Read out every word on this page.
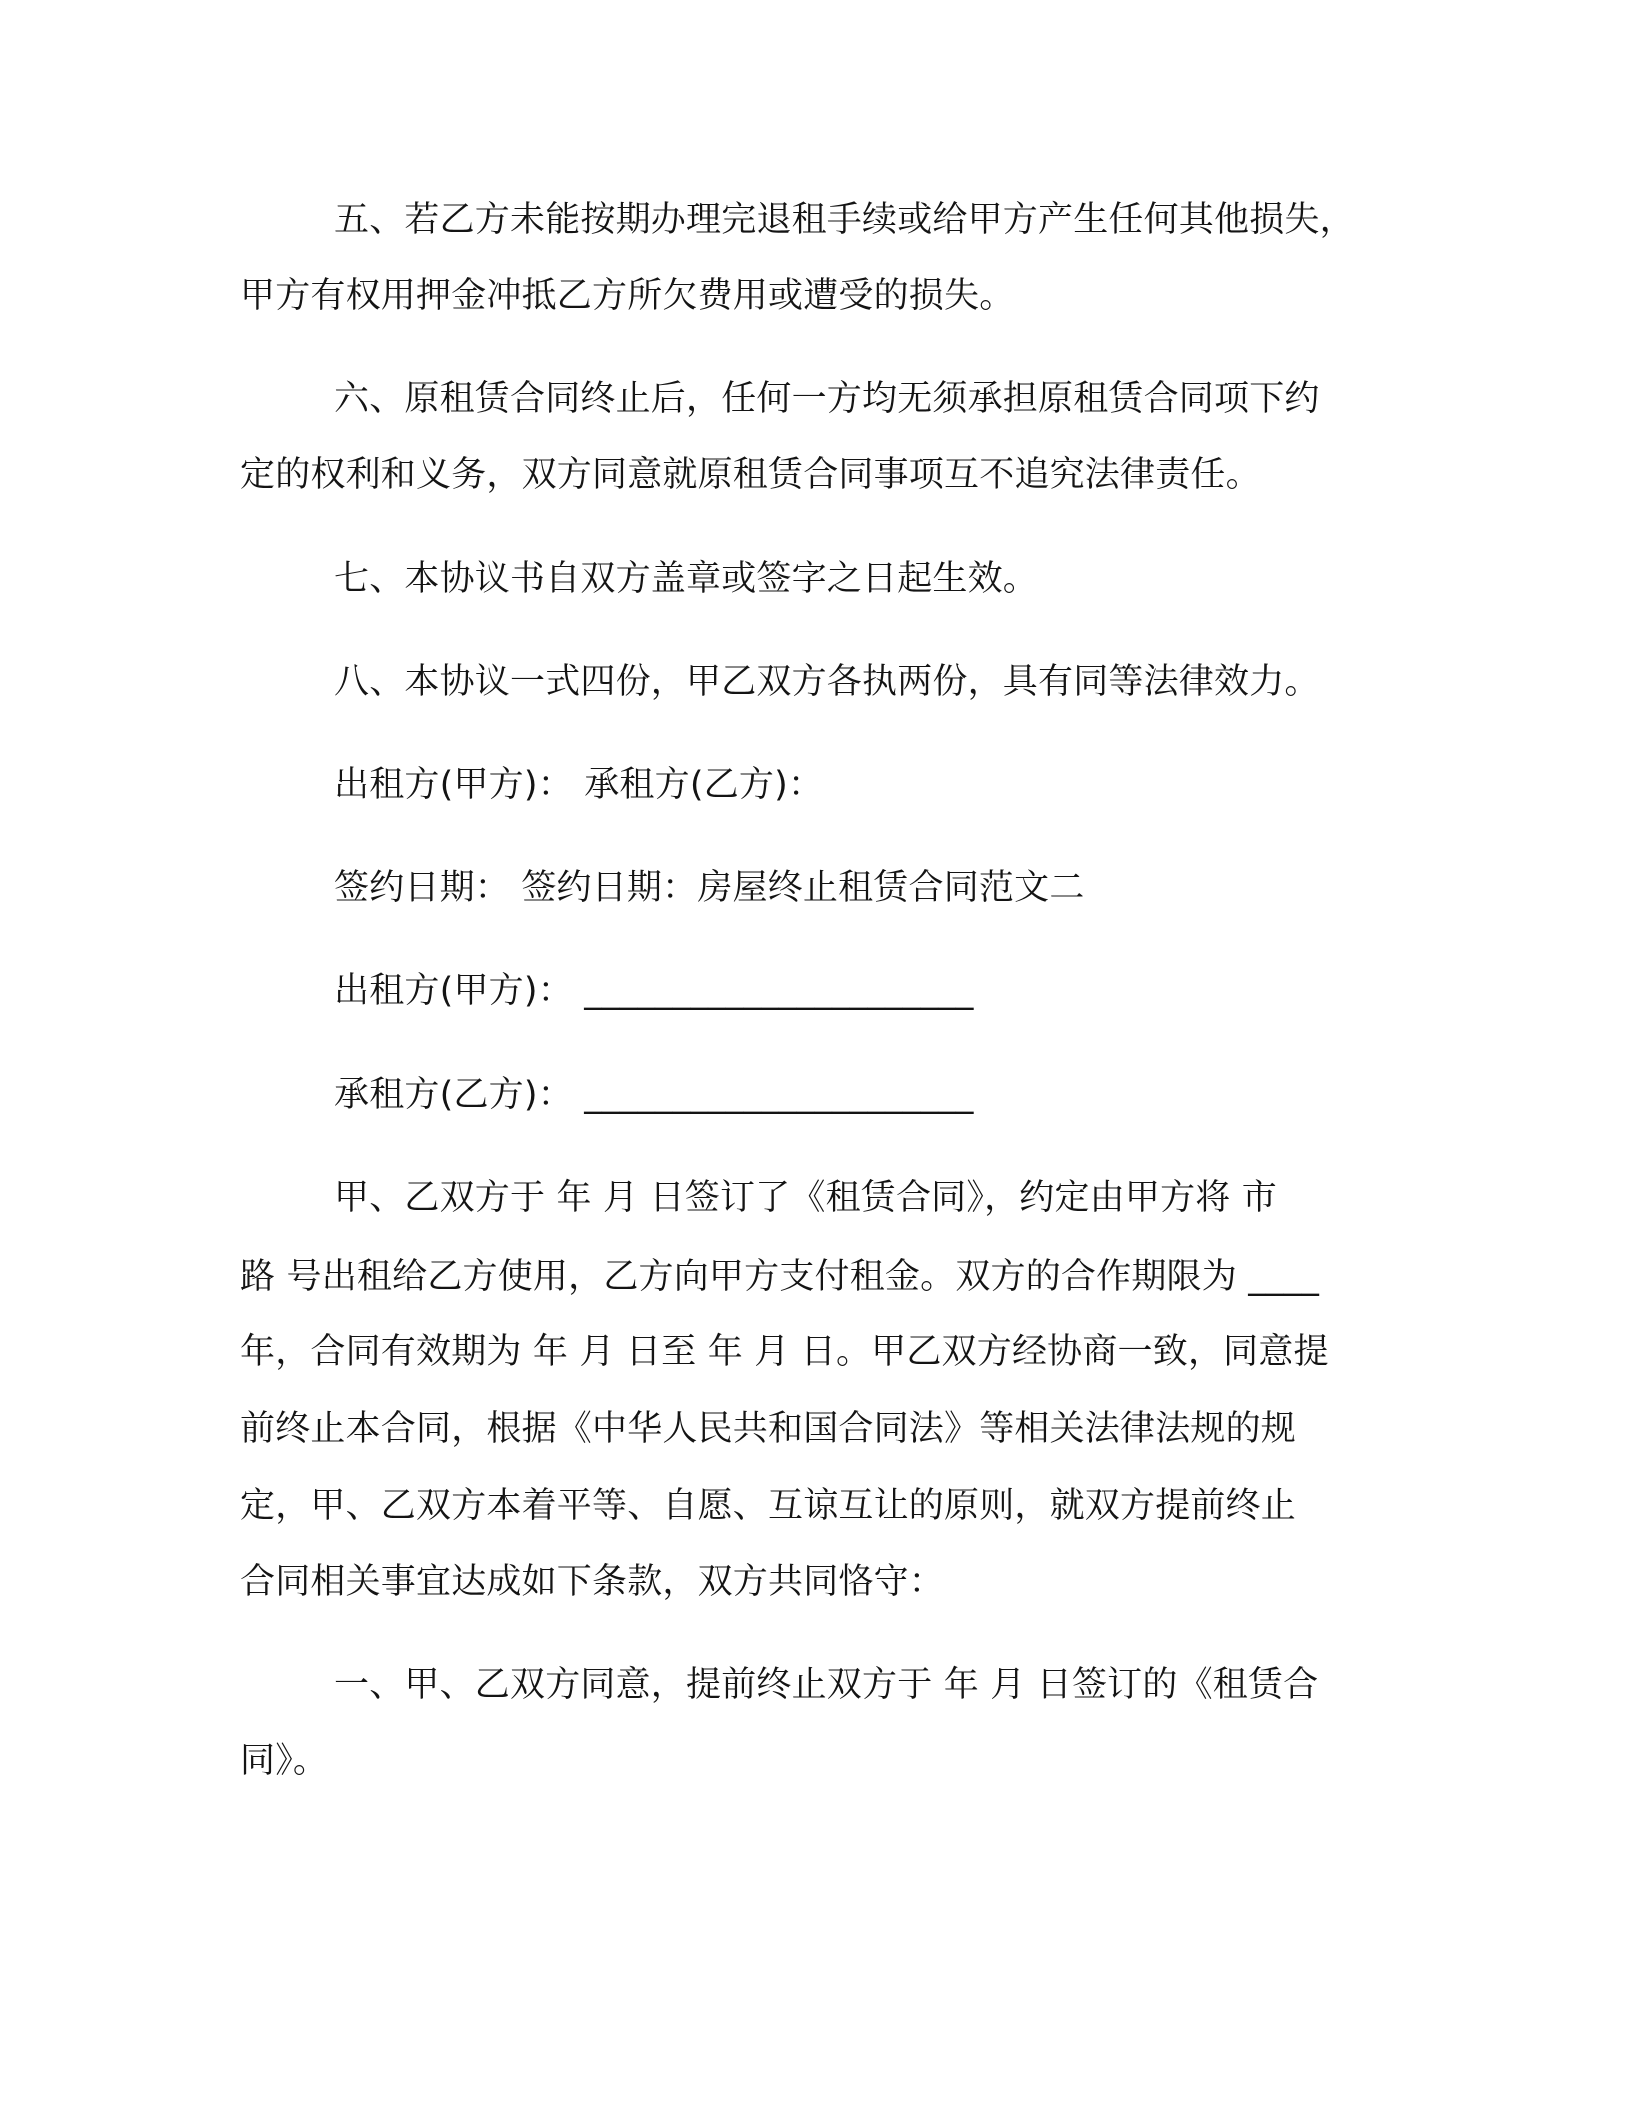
五、若乙方未能按期办理完退租手续或给甲方产生任何其他损失，

甲方有权用押金冲抵乙方所欠费用或遭受的损失。

六、原租赁合同终止后，任何一方均无须承担原租赁合同项下约

定的权利和义务，双方同意就原租赁合同事项互不追究法律责任。

七、本协议书自双方盖章或签字之日起生效。

八、本协议一式四份，甲乙双方各执两份，具有同等法律效力。

出租方(甲方)： 承租方(乙方)：

签约日期： 签约日期：房屋终止租赁合同范文二

出租方(甲方)： ______________________

承租方(乙方)： ______________________

甲、乙双方于 年 月 日签订了《租赁合同》，约定由甲方将 市

路 号出租给乙方使用，乙方向甲方支付租金。双方的合作期限为 ____

年，合同有效期为 年 月 日至 年 月 日。甲乙双方经协商一致，同意提

前终止本合同，根据《中华人民共和国合同法》等相关法律法规的规

定，甲、乙双方本着平等、自愿、互谅互让的原则，就双方提前终止

合同相关事宜达成如下条款，双方共同恪守：

一、甲、乙双方同意，提前终止双方于 年 月 日签订的《租赁合

同》。
